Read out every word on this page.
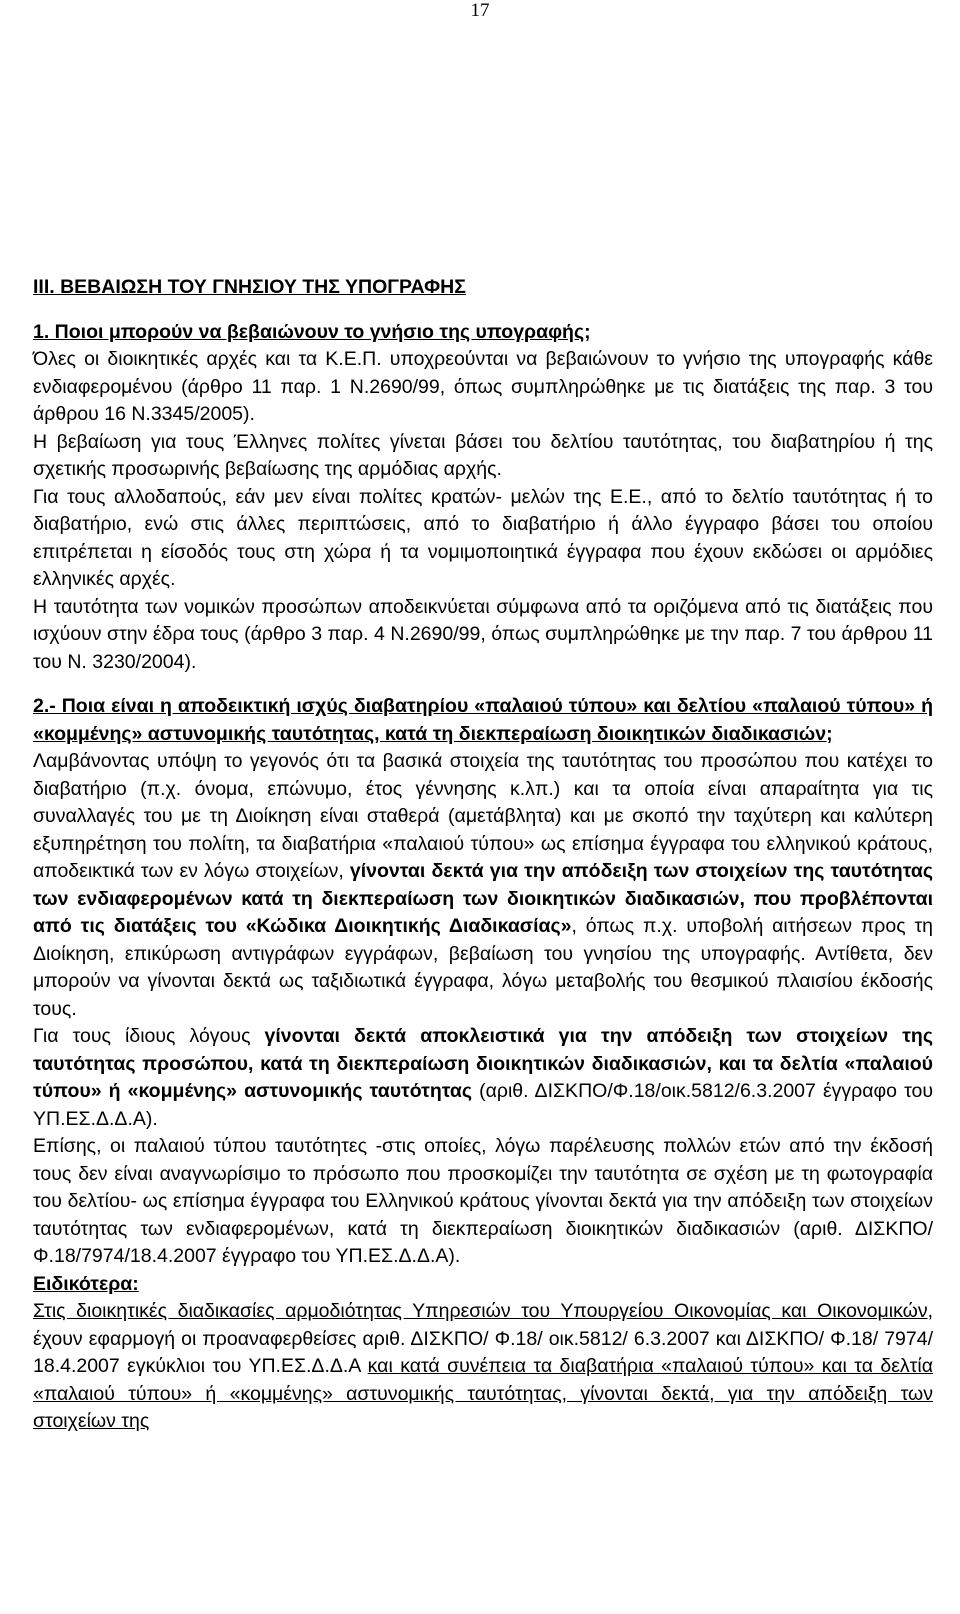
17
III. ΒΕΒΑΙΩΣΗ ΤΟΥ ΓΝΗΣΙΟΥ ΤΗΣ ΥΠΟΓΡΑΦΗΣ
1. Ποιοι μπορούν να βεβαιώνουν το γνήσιο της υπογραφής;

Όλες οι διοικητικές αρχές και τα Κ.Ε.Π. υποχρεούνται να βεβαιώνουν το γνήσιο της υπογραφής κάθε ενδιαφερομένου (άρθρο 11 παρ. 1 Ν.2690/99, όπως συμπληρώθηκε με τις διατάξεις της παρ. 3 του άρθρου 16 Ν.3345/2005).

Η βεβαίωση για τους Έλληνες πολίτες γίνεται βάσει του δελτίου ταυτότητας, του διαβατηρίου ή της σχετικής προσωρινής βεβαίωσης της αρμόδιας αρχής.

Για τους αλλοδαπούς, εάν μεν είναι πολίτες κρατών- μελών της Ε.Ε., από το δελτίο ταυτότητας ή το διαβατήριο, ενώ στις άλλες περιπτώσεις, από το διαβατήριο ή άλλο έγγραφο βάσει του οποίου επιτρέπεται η είσοδός τους στη χώρα ή τα νομιμοποιητικά έγγραφα που έχουν εκδώσει οι αρμόδιες ελληνικές αρχές.

Η ταυτότητα των νομικών προσώπων αποδεικνύεται σύμφωνα από τα οριζόμενα από τις διατάξεις που ισχύουν στην έδρα τους (άρθρο 3 παρ. 4 Ν.2690/99, όπως συμπληρώθηκε με την παρ. 7 του άρθρου 11 του Ν. 3230/2004).

2.- Ποια είναι η αποδεικτική ισχύς διαβατηρίου «παλαιού τύπου» και δελτίου «παλαιού τύπου» ή «κομμένης» αστυνομικής ταυτότητας, κατά τη διεκπεραίωση διοικητικών διαδικασιών;

Λαμβάνοντας υπόψη το γεγονός ότι τα βασικά στοιχεία της ταυτότητας του προσώπου που κατέχει το διαβατήριο (π.χ. όνομα, επώνυμο, έτος γέννησης κ.λπ.) και τα οποία είναι απαραίτητα για τις συναλλαγές του με τη Διοίκηση είναι σταθερά (αμετάβλητα) και με σκοπό την ταχύτερη και καλύτερη εξυπηρέτηση του πολίτη, τα διαβατήρια «παλαιού τύπου» ως επίσημα έγγραφα του ελληνικού κράτους, αποδεικτικά των εν λόγω στοιχείων, γίνονται δεκτά για την απόδειξη των στοιχείων της ταυτότητας των ενδιαφερομένων κατά τη διεκπεραίωση των διοικητικών διαδικασιών, που προβλέπονται από τις διατάξεις του «Κώδικα Διοικητικής Διαδικασίας», όπως π.χ. υποβολή αιτήσεων προς τη Διοίκηση, επικύρωση αντιγράφων εγγράφων, βεβαίωση του γνησίου της υπογραφής. Αντίθετα, δεν μπορούν να γίνονται δεκτά ως ταξιδιωτικά έγγραφα, λόγω μεταβολής του θεσμικού πλαισίου έκδοσής τους.

Για τους ίδιους λόγους γίνονται δεκτά αποκλειστικά για την απόδειξη των στοιχείων της ταυτότητας προσώπου, κατά τη διεκπεραίωση διοικητικών διαδικασιών, και τα δελτία «παλαιού τύπου» ή «κομμένης» αστυνομικής ταυτότητας (αριθ. ΔΙΣΚΠΟ/Φ.18/οικ.5812/6.3.2007 έγγραφο του ΥΠ.ΕΣ.Δ.Δ.Α).

Επίσης, οι παλαιού τύπου ταυτότητες -στις οποίες, λόγω παρέλευσης πολλών ετών από την έκδοσή τους δεν είναι αναγνωρίσιμο το πρόσωπο που προσκομίζει την ταυτότητα σε σχέση με τη φωτογραφία του δελτίου- ως επίσημα έγγραφα του Ελληνικού κράτους γίνονται δεκτά για την απόδειξη των στοιχείων ταυτότητας των ενδιαφερομένων, κατά τη διεκπεραίωση διοικητικών διαδικασιών (αριθ. ΔΙΣΚΠΟ/Φ.18/7974/18.4.2007 έγγραφο του ΥΠ.ΕΣ.Δ.Δ.Α).

Ειδικότερα:

Στις διοικητικές διαδικασίες αρμοδιότητας Υπηρεσιών του Υπουργείου Οικονομίας και Οικονομικών, έχουν εφαρμογή οι προαναφερθείσες αριθ. ΔΙΣΚΠΟ/ Φ.18/ οικ.5812/ 6.3.2007 και ΔΙΣΚΠΟ/ Φ.18/ 7974/ 18.4.2007 εγκύκλιοι του ΥΠ.ΕΣ.Δ.Δ.Α και κατά συνέπεια τα διαβατήρια «παλαιού τύπου» και τα δελτία «παλαιού τύπου» ή «κομμένης» αστυνομικής ταυτότητας, γίνονται δεκτά, για την απόδειξη των στοιχείων της
